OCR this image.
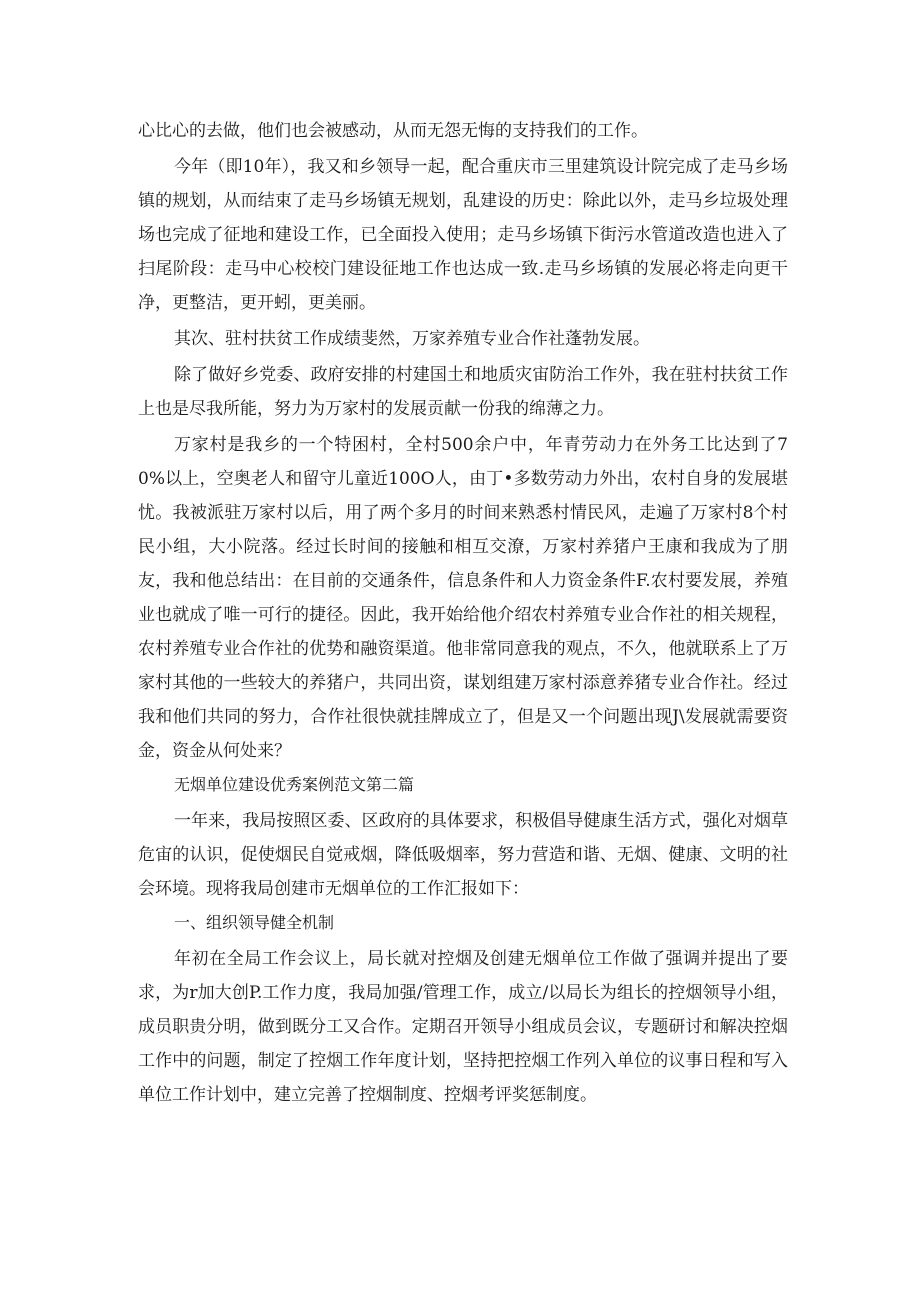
心比心的去做，他们也会被感动，从而无怨无悔的支持我们的工作。

今年（即10年），我又和乡领导一起，配合重庆市三里建筑设计院完成了走马乡场镇的规划，从而结束了走马乡场镇无规划，乱建设的历史：除此以外，走马乡垃圾处理场也完成了征地和建设工作，已全面投入使用；走马乡场镇下街污水管道改造也进入了扫尾阶段：走马中心校校门建设征地工作也达成一致.走马乡场镇的发展必将走向更干净，更整洁，更开蚓，更美丽。

其次、驻村扶贫工作成绩斐然，万家养殖专业合作社蓬勃发展。

除了做好乡党委、政府安排的村建国土和地质灾宙防治工作外，我在驻村扶贫工作上也是尽我所能，努力为万家村的发展贡献一份我的绵薄之力。

万家村是我乡的一个特困村，全村500余户中，年青劳动力在外务工比达到了70%以上，空奥老人和留守儿童近100O人，由丁•多数劳动力外出，农村自身的发展堪忧。我被派驻万家村以后，用了两个多月的时间来熟悉村情民风，走遍了万家村8个村民小组，大小院落。经过长时间的接触和相互交潦，万家村养猪户王康和我成为了朋友，我和他总结出：在目前的交通条件，信息条件和人力资金条件F.农村要发展，养殖业也就成了唯一可行的捷径。因此，我开始给他介绍农村养殖专业合作社的相关规程，农村养殖专业合作社的优势和融资渠道。他非常同意我的观点，不久，他就联系上了万家村其他的一些较大的养猪户，共同出资，谋划组建万家村添意养猪专业合作社。经过我和他们共同的努力，合作社很快就挂牌成立了，但是又一个问题出现J\发展就需要资金，资金从何处来？

无烟单位建设优秀案例范文第二篇

一年来，我局按照区委、区政府的具体要求，积极倡导健康生活方式，强化对烟草危宙的认识，促使烟民自觉戒烟，降低吸烟率，努力营造和谐、无烟、健康、文明的社会环境。现将我局创建市无烟单位的工作汇报如下：

一、组织领导健全机制

年初在全局工作会议上，局长就对控烟及创建无烟单位工作做了强调并提出了要求，为r加大创P.工作力度，我局加强/管理工作，成立/以局长为组长的控烟领导小组，成员职贵分明，做到既分工又合作。定期召开领导小组成员会议，专题研讨和解决控烟工作中的问题，制定了控烟工作年度计划，坚持把控烟工作列入单位的议事日程和写入单位工作计划中，建立完善了控烟制度、控烟考评奖惩制度。
